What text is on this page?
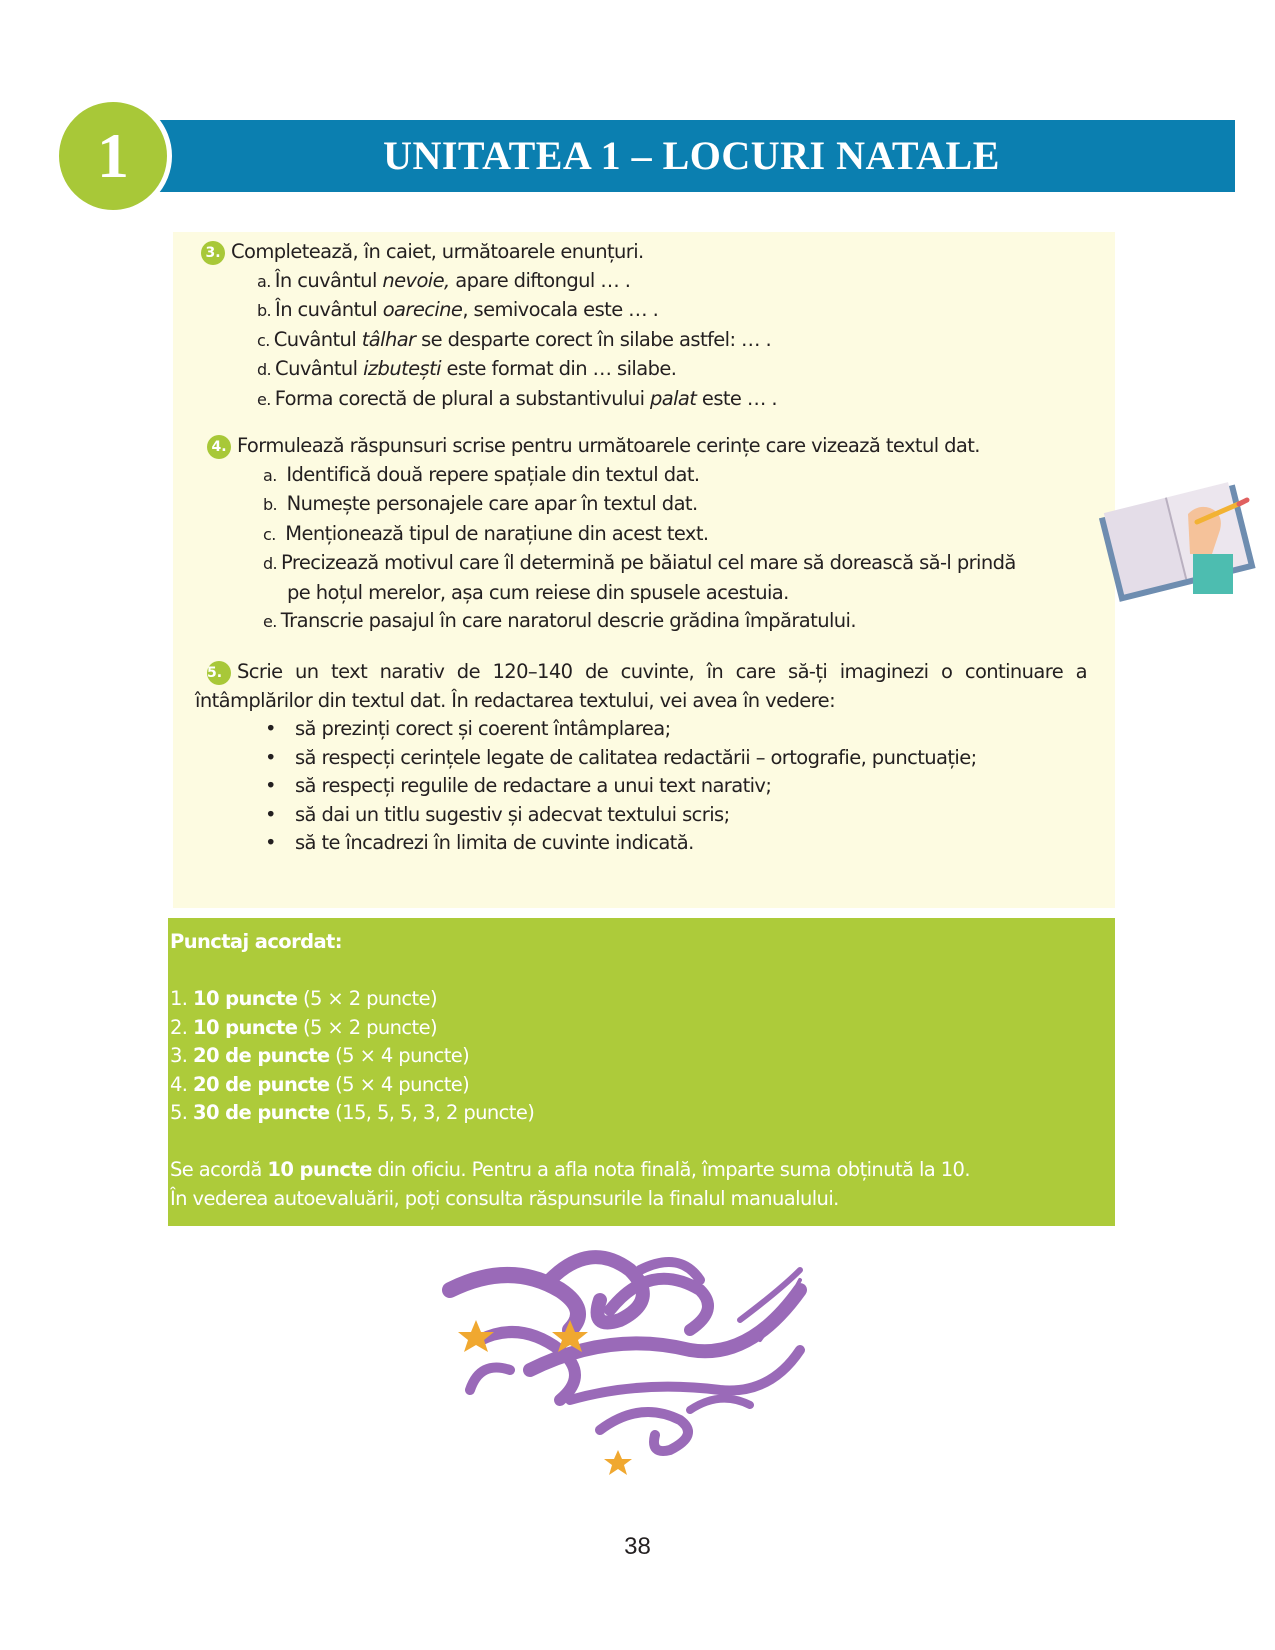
UNITATEA 1 – LOCURI NATALE
1
3. Completează, în caiet, următoarele enunțuri.
a. În cuvântul nevoie, apare diftongul … .
b. În cuvântul oarecine, semivocala este … .
c. Cuvântul tâlhar se desparte corect în silabe astfel: … .
d. Cuvântul izbutești este format din … silabe.
e. Forma corectă de plural a substantivului palat este … .
4. Formulează răspunsuri scrise pentru următoarele cerințe care vizează textul dat.
a. Identifică două repere spațiale din textul dat.
b. Numește personajele care apar în textul dat.
c. Menționează tipul de narațiune din acest text.
d. Precizează motivul care îl determină pe băiatul cel mare să dorească să-l prindă
pe hoțul merelor, așa cum reiese din spusele acestuia.
e. Transcrie pasajul în care naratorul descrie grădina împăratului.
5. Scrie un text narativ de 120–140 de cuvinte, în care să-ți imaginezi o continuare a
întâmplărilor din textul dat. În redactarea textului, vei avea în vedere:
• să prezinți corect și coerent întâmplarea;
• să respecți cerințele legate de calitatea redactării – ortografie, punctuație;
• să respecți regulile de redactare a unui text narativ;
• să dai un titlu sugestiv și adecvat textului scris;
• să te încadrezi în limita de cuvinte indicată.
Punctaj acordat:
1. 10 puncte (5 × 2 puncte)
2. 10 puncte (5 × 2 puncte)
3. 20 de puncte (5 × 4 puncte)
4. 20 de puncte (5 × 4 puncte)
5. 30 de puncte (15, 5, 5, 3, 2 puncte)
Se acordă 10 puncte din oficiu. Pentru a afla nota finală, împarte suma obținută la 10.
În vederea autoevaluării, poți consulta răspunsurile la finalul manualului.
38
